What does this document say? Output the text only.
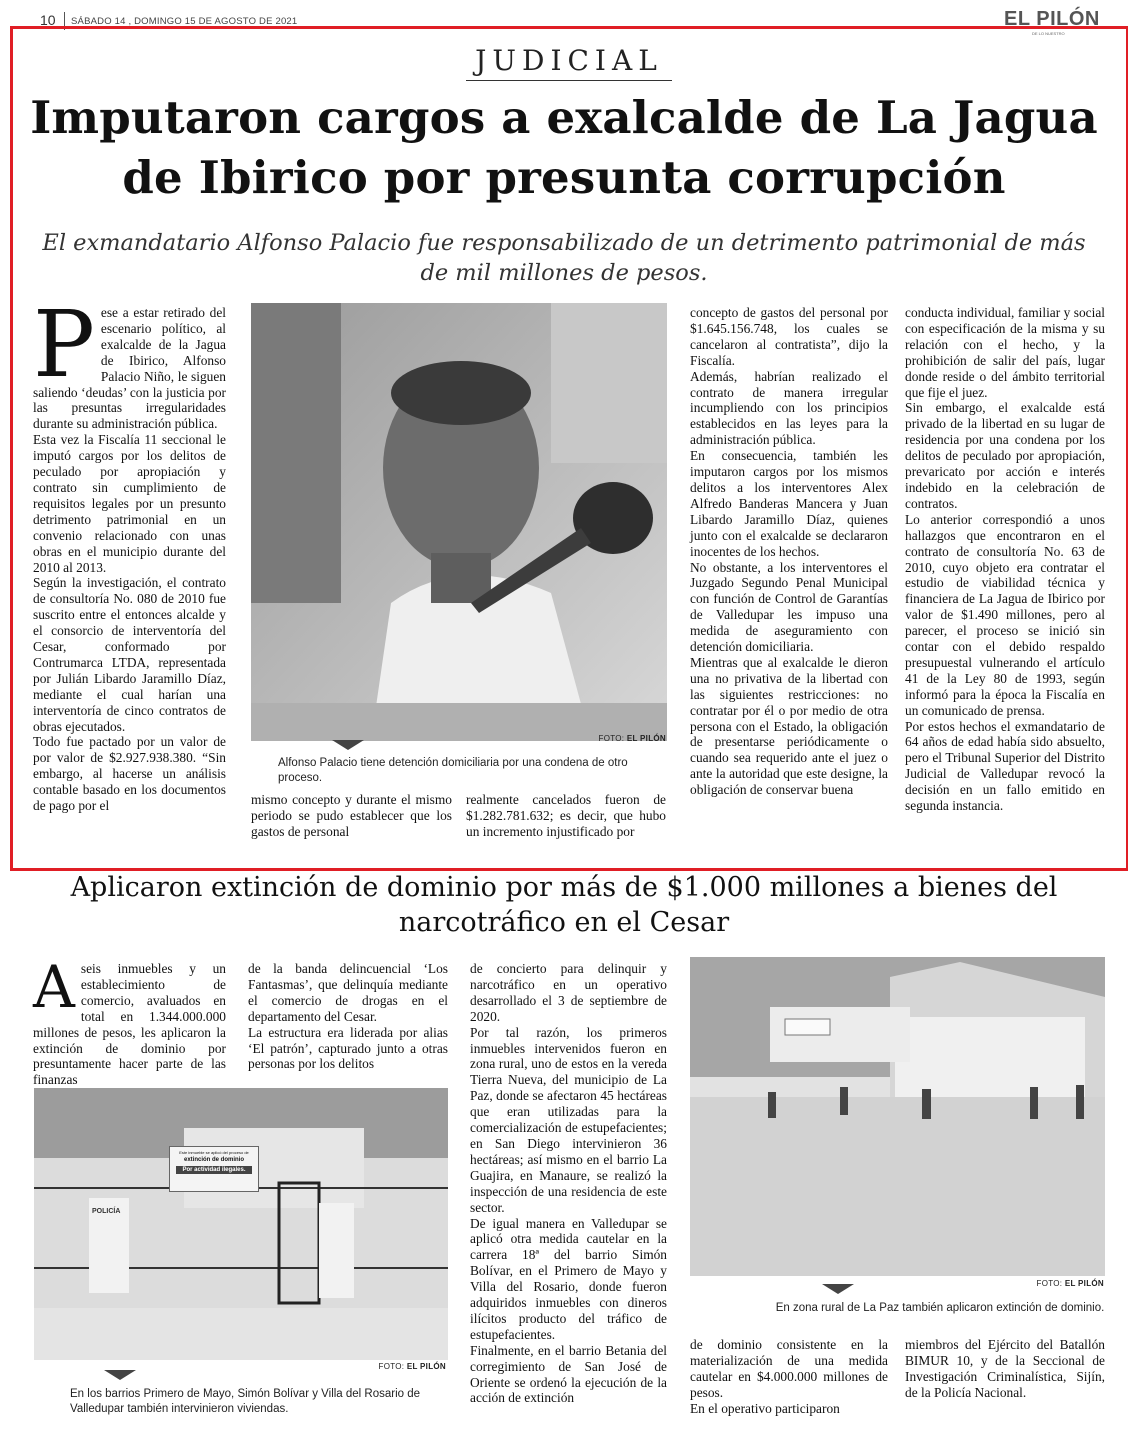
10 SÁBADO 14 , DOMINGO 15 DE AGOSTO DE 2021	EL PILÓN
DE LO NUESTRO
JUDICIAL
Imputaron cargos a exalcalde de La Jagua de Ibirico por presunta corrupción
El exmandatario Alfonso Palacio fue responsabilizado de un detrimento patrimonial de más de mil millones de pesos.
P ese a estar retirado del escenario político, al exalcalde de la Jagua de Ibirico, Alfonso Palacio Niño, le siguen saliendo ‘deudas’ con la justicia por las presuntas irregularidades durante su administración pública.

Esta vez la Fiscalía 11 seccional le imputó cargos por los delitos de peculado por apropiación y contrato sin cumplimiento de requisitos legales por un presunto detrimento patrimonial en un convenio relacionado con unas obras en el municipio durante del 2010 al 2013.

Según la investigación, el contrato de consultoría No. 080 de 2010 fue suscrito entre el entonces alcalde y el consorcio de interventoría del Cesar, conformado por Contrumarca LTDA, representada por Julián Libardo Jaramillo Díaz, mediante el cual harían una interventoría de cinco contratos de obras ejecutados.

Todo fue pactado por un valor de por valor de $2.927.938.380. “Sin embargo, al hacerse un análisis contable basado en los documentos de pago por el

FOTO: EL PILÓN
Alfonso Palacio tiene detención domiciliaria por una condena de otro proceso.
mismo concepto y durante el mismo periodo se pudo establecer que los gastos de personal
realmente cancelados fueron de $1.282.781.632; es decir, que hubo un incremento injustificado por

concepto de gastos del personal por $1.645.156.748, los cuales se cancelaron al contratista”, dijo la Fiscalía.

Además, habrían realizado el contrato de manera irregular incumpliendo con los principios establecidos en las leyes para la administración pública.

En consecuencia, también les imputaron cargos por los mismos delitos a los interventores Alex Alfredo Banderas Mancera y Juan Libardo Jaramillo Díaz, quienes junto con el exalcalde se declararon inocentes de los hechos.

No obstante, a los interventores el Juzgado Segundo Penal Municipal con función de Control de Garantías de Valledupar les impuso una medida de aseguramiento con detención domiciliaria.

Mientras que al exalcalde le dieron una no privativa de la libertad con las siguientes restricciones: no contratar por él o por medio de otra persona con el Estado, la obligación de presentarse periódicamente o cuando sea requerido ante el juez o ante la autoridad que este designe, la obligación de conservar buena

conducta individual, familiar y social con especificación de la misma y su relación con el hecho, y la prohibición de salir del país, lugar donde reside o del ámbito territorial que fije el juez.

Sin embargo, el exalcalde está privado de la libertad en su lugar de residencia por una condena por los delitos de peculado por apropiación, prevaricato por acción e interés indebido en la celebración de contratos.

Lo anterior correspondió a unos hallazgos que encontraron en el contrato de consultoría No. 63 de 2010, cuyo objeto era contratar el estudio de viabilidad técnica y financiera de La Jagua de Ibirico por valor de $1.490 millones, pero al parecer, el proceso se inició sin contar con el debido respaldo presupuestal vulnerando el artículo 41 de la Ley 80 de 1993, según informó para la época la Fiscalía en un comunicado de prensa.

Por estos hechos el exmandatario de 64 años de edad había sido absuelto, pero el Tribunal Superior del Distrito Judicial de Valledupar revocó la decisión en un fallo emitido en segunda instancia.

Aplicaron extinción de dominio por más de $1.000 millones a bienes del narcotráfico en el Cesar
A seis inmuebles y un establecimiento de comercio, avaluados en total en 1.344.000.000 millones de pesos, les aplicaron la extinción de dominio por presuntamente hacer parte de las finanzas

de la banda delincuencial ‘Los Fantasmas’, que delinquía mediante el comercio de drogas en el departamento del Cesar.

La estructura era liderada por alias ‘El patrón’, capturado junto a otras personas por los delitos

Este inmueble se aplicó del proceso de
extinción de dominio
Por actividad ilegales.
POLICÍA
FOTO: EL PILÓN
En los barrios Primero de Mayo, Simón Bolívar y Villa del Rosario de Valledupar también intervinieron viviendas.

de concierto para delinquir y narcotráfico en un operativo desarrollado el 3 de septiembre de 2020.

Por tal razón, los primeros inmuebles intervenidos fueron en zona rural, uno de estos en la vereda Tierra Nueva, del municipio de La Paz, donde se afectaron 45 hectáreas que eran utilizadas para la comercialización de estupefacientes; en San Diego intervinieron 36 hectáreas; así mismo en el barrio La Guajira, en Manaure, se realizó la inspección de una residencia de este sector.

De igual manera en Valledupar se aplicó otra medida cautelar en la carrera 18ª del barrio Simón Bolívar, en el Primero de Mayo y Villa del Rosario, donde fueron adquiridos inmuebles con dineros ilícitos producto del tráfico de estupefacientes.

Finalmente, en el barrio Betania del corregimiento de San José de Oriente se ordenó la ejecución de la acción de extinción

FOTO: EL PILÓN
En zona rural de La Paz también aplicaron extinción de dominio.

de dominio consistente en la materialización de una medida cautelar en $4.000.000 millones de pesos.

En el operativo participaron

miembros del Ejército del Batallón BIMUR 10, y de la Seccional de Investigación Criminalística, Sijín, de la Policía Nacional.
